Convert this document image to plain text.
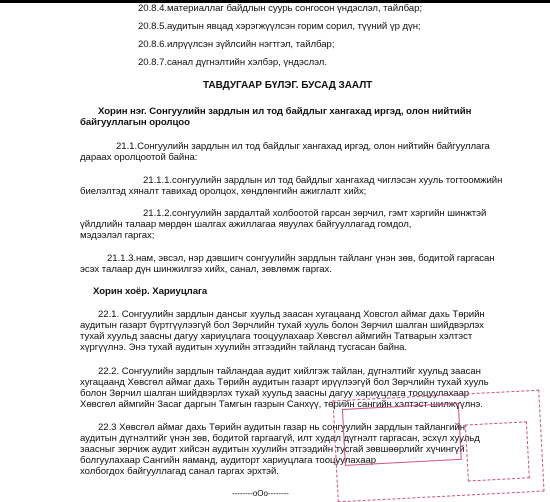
20.8.4.материаллаг байдлын суурь сонгосон үндэслэл, тайлбар;
20.8.5.аудитын явцад хэрэгжүүлсэн горим сорил, түүний үр дүн;
20.8.6.илрүүлсэн зүйлсийн нэгтгэл, тайлбар;
20.8.7.санал дүгнэлтийн хэлбэр, үндэслэл.
ТАВДУГААР БҮЛЭГ. БУСАД ЗААЛТ
Хорин нэг. Сонгуулийн зардлын ил тод байдлыг хангахад иргэд, олон нийтийн
байгууллагын оролцоо
21.1.Сонгуулийн зардлын ил тод байдлыг хангахад иргэд, олон нийтийн байгууллага
дараах оролцоотой байна:
21.1.1.сонгуулийн зардлын ил тод байдлыг хангахад чиглэсэн хууль тогтоомжийн
биелэлтэд хяналт тавихад оролцох, хөндлөнгийн ажиглалт хийх;
21.1.2.сонгуулийн зардалтай холбоотой гарсан зөрчил, гэмт хэргийн шинжтэй
үйлдлийн талаар мөрдөн шалгах ажиллагаа явуулах байгууллагад гомдол,
мэдээлэл гаргах;
21.1.3.нам, эвсэл, нэр дэвшигч сонгуулийн зардлын тайланг үнэн зөв, бодитой гаргасан
эсэх талаар дүн шинжилгээ хийх, санал, зөвлөмж гаргах.
Хорин хоёр. Хариуцлага
22.1. Сонгуулийн зардлын дансыг хуульд заасан хугацаанд Ховсгол аймаг дахь Төрийн
аудитын газарт бүртгүүлээгүй бол Зөрчлийн тухай хууль болон Зөрчил шалган шийдвэрлэх
тухай хуульд заасны дагуу хариуцлага тооцуулахаар Хөвсгөл аймгийн Татварын хэлтэст
хүргүүлнэ. Энэ тухай аудитын хуулийн этгээдийн тайланд тусгасан байна.
22.2. Сонгуулийн зардлын тайландаа аудит хийлгэж тайлан, дүгнэлтийг хуульд заасан
хугацаанд Хөвсгөл аймаг дахь Төрийн аудитын газарт ирүүлээгүй бол Зөрчлийн тухай хууль
болон Зөрчил шалган шийдвэрлэх тухай хуульд заасны дагуу хариуцлага тооцуулахаар
Хөвсгөл аймгийн Засаг даргын Тамгын газрын Санхүү, төрийн сангийн хэлтэст шилжүүлнэ.
22.3 Хөвсгөл аймаг дахь Төрийн аудитын газар нь сонгуулийн зардлын тайлангийн
аудитын дүгнэлтийг үнэн зөв, бодитой гаргаагүй, илт худал дүгнэлт гаргасан, эсхүл хуульд
заасныг зөрчиж аудит хийсэн аудитын хуулийн этгээдийн тусгай зөвшөөрлийг хүчингүй
болгуулахаар Сангийн яаманд, аудиторт хариуцлага тооцуулахаар
холбогдох байгууллагад санал гаргах эрхтэй.
--------оОо--------
